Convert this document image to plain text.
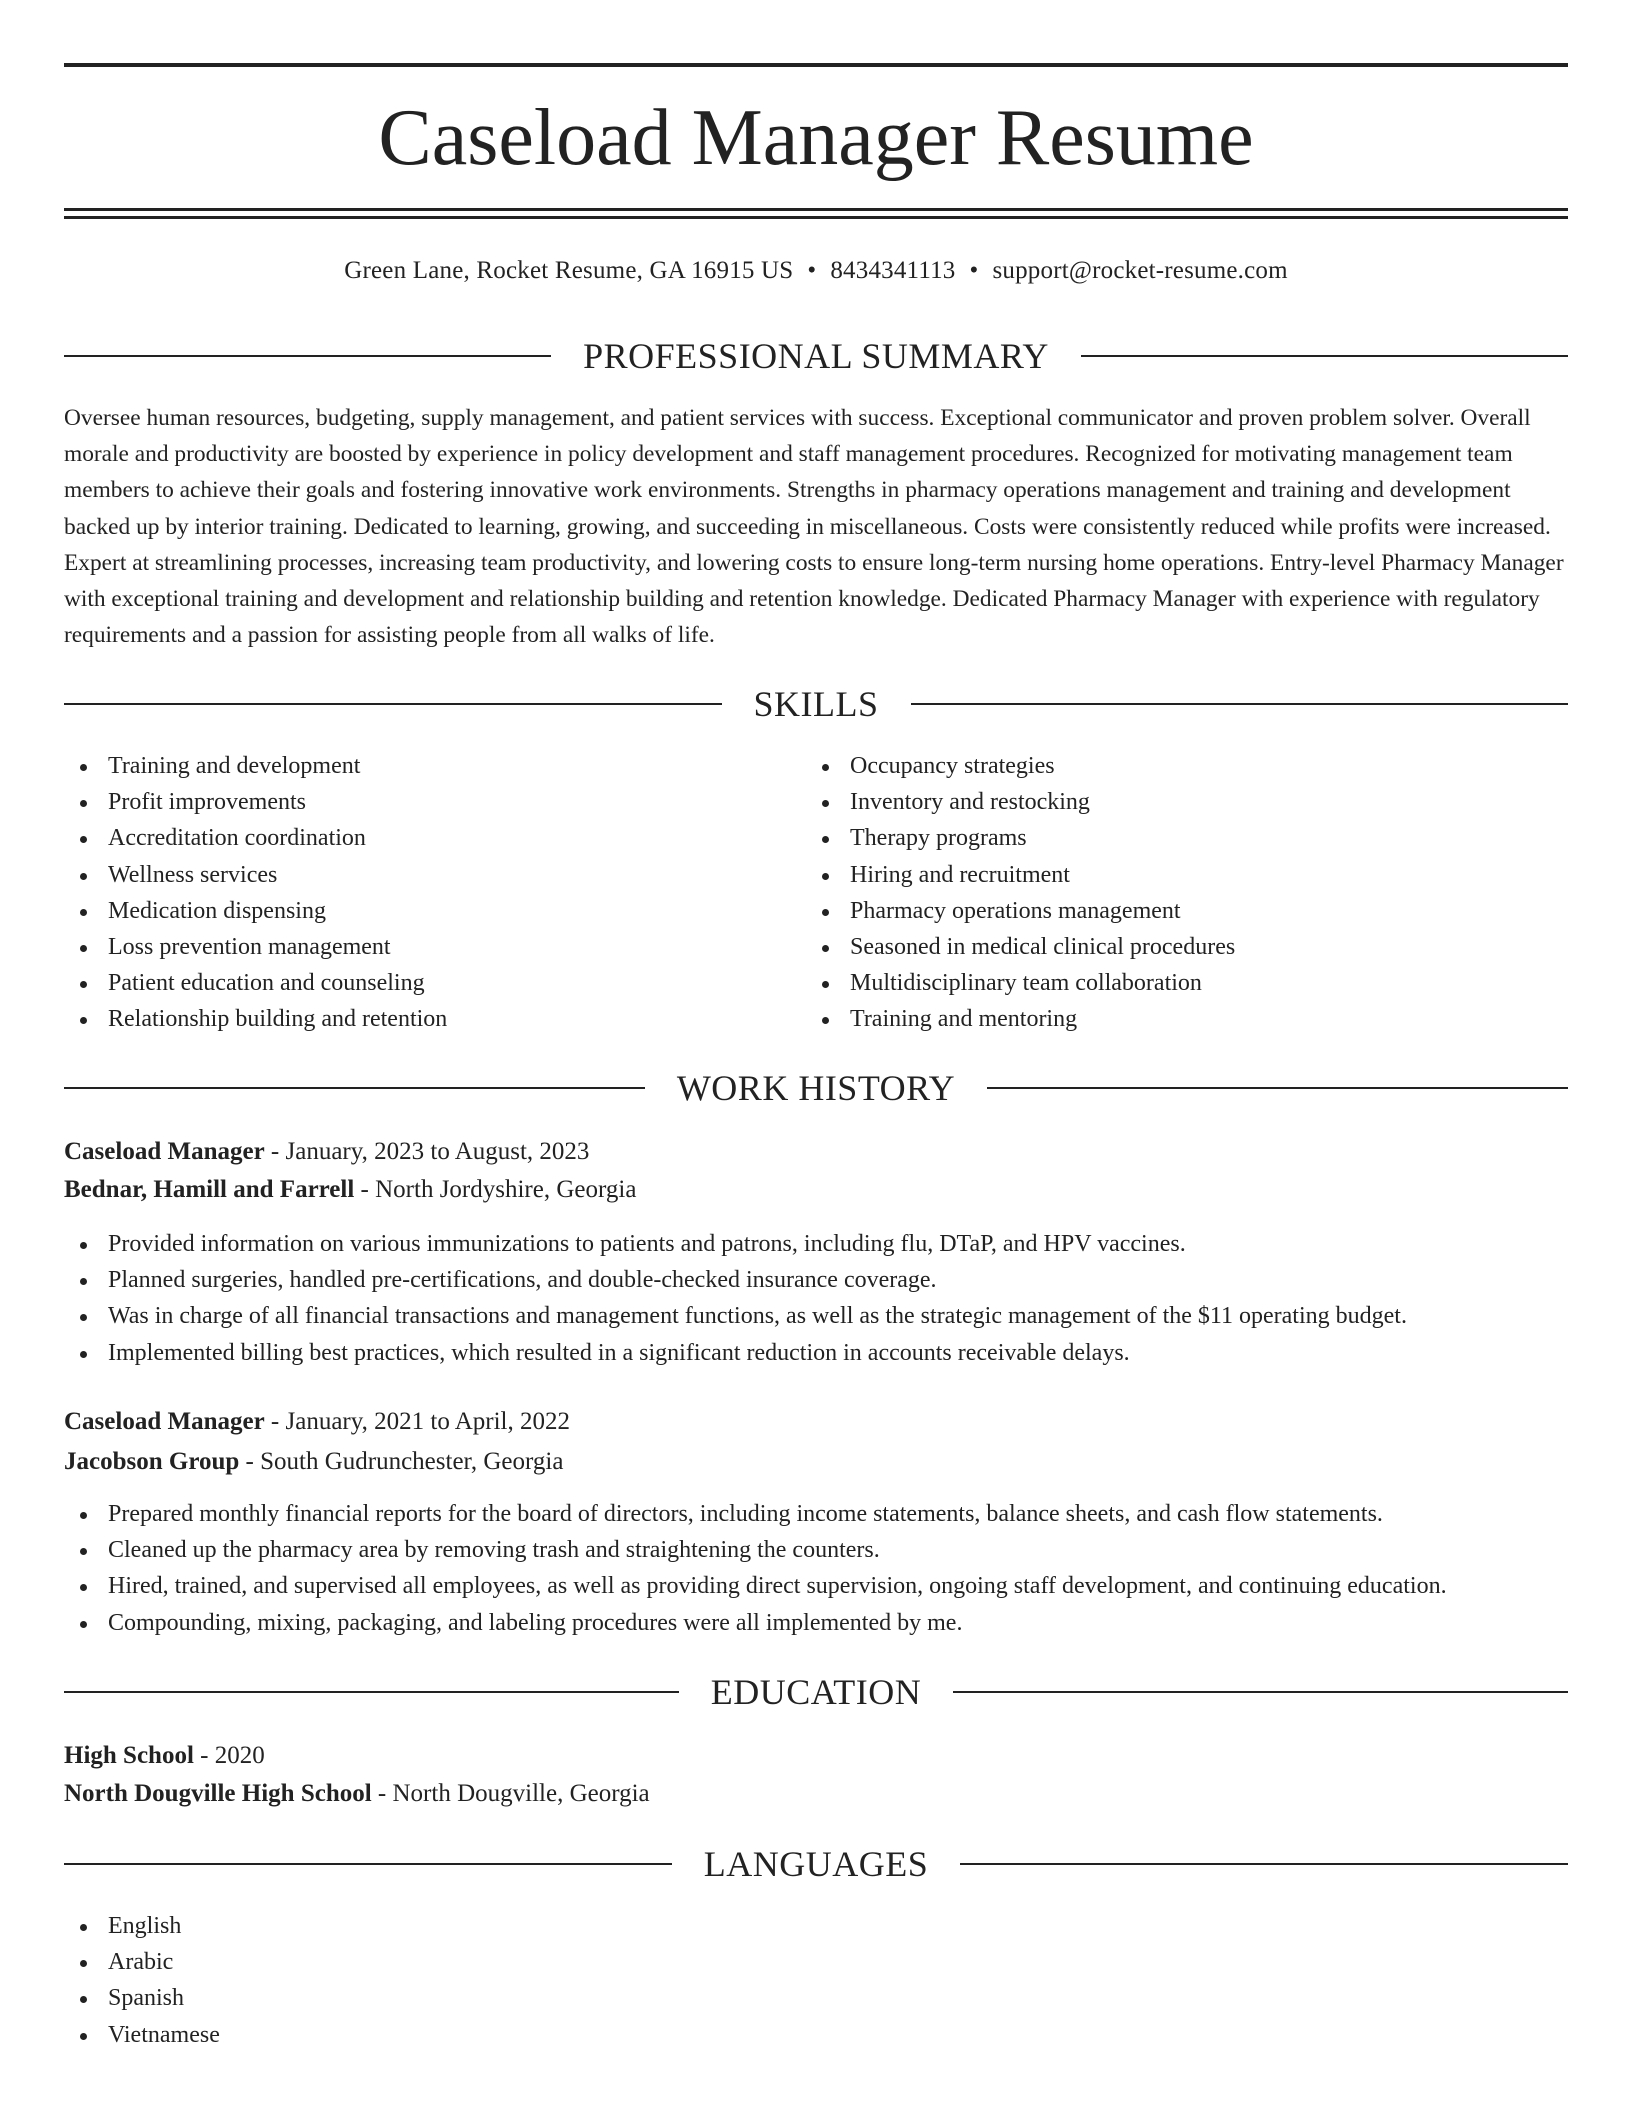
Caseload Manager Resume
Green Lane, Rocket Resume, GA 16915 US • 8434341113 • support@rocket-resume.com
PROFESSIONAL SUMMARY

Oversee human resources, budgeting, supply management, and patient services with success. Exceptional communicator and proven problem solver. Overall morale and productivity are boosted by experience in policy development and staff management procedures. Recognized for motivating management team members to achieve their goals and fostering innovative work environments. Strengths in pharmacy operations management and training and development backed up by interior training. Dedicated to learning, growing, and succeeding in miscellaneous. Costs were consistently reduced while profits were increased. Expert at streamlining processes, increasing team productivity, and lowering costs to ensure long-term nursing home operations. Entry-level Pharmacy Manager with exceptional training and development and relationship building and retention knowledge. Dedicated Pharmacy Manager with experience with regulatory requirements and a passion for assisting people from all walks of life.

SKILLS
Training and development
Profit improvements
Accreditation coordination
Wellness services
Medication dispensing
Loss prevention management
Patient education and counseling
Relationship building and retention
Occupancy strategies
Inventory and restocking
Therapy programs
Hiring and recruitment
Pharmacy operations management
Seasoned in medical clinical procedures
Multidisciplinary team collaboration
Training and mentoring
WORK HISTORY
Caseload Manager - January, 2023 to August, 2023
Bednar, Hamill and Farrell - North Jordyshire, Georgia
Provided information on various immunizations to patients and patrons, including flu, DTaP, and HPV vaccines.
Planned surgeries, handled pre-certifications, and double-checked insurance coverage.
Was in charge of all financial transactions and management functions, as well as the strategic management of the $11 operating budget.
Implemented billing best practices, which resulted in a significant reduction in accounts receivable delays.
Caseload Manager - January, 2021 to April, 2022
Jacobson Group - South Gudrunchester, Georgia
Prepared monthly financial reports for the board of directors, including income statements, balance sheets, and cash flow statements.
Cleaned up the pharmacy area by removing trash and straightening the counters.
Hired, trained, and supervised all employees, as well as providing direct supervision, ongoing staff development, and continuing education.
Compounding, mixing, packaging, and labeling procedures were all implemented by me.
EDUCATION
High School - 2020
North Dougville High School - North Dougville, Georgia
LANGUAGES
English
Arabic
Spanish
Vietnamese
